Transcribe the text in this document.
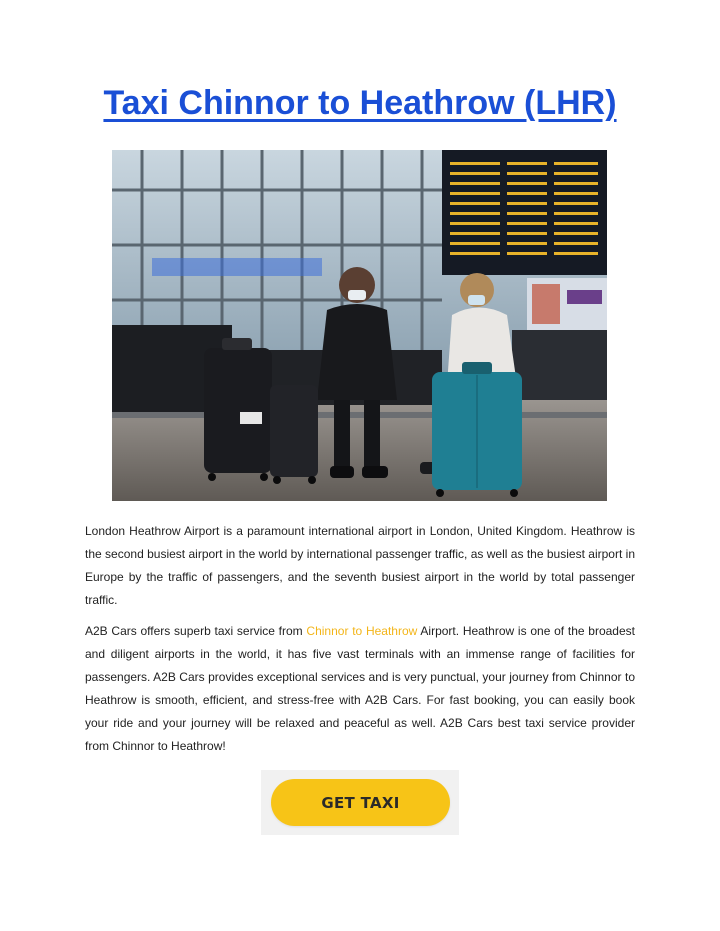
Taxi Chinnor to Heathrow (LHR)

London Heathrow Airport is a paramount international airport in London, United Kingdom. Heathrow is the second busiest airport in the world by international passenger traffic, as well as the busiest airport in Europe by the traffic of passengers, and the seventh busiest airport in the world by total passenger traffic.

A2B Cars offers superb taxi service from Chinnor to Heathrow Airport. Heathrow is one of the broadest and diligent airports in the world, it has five vast terminals with an immense range of facilities for passengers. A2B Cars provides exceptional services and is very punctual, your journey from Chinnor to Heathrow is smooth, efficient, and stress-free with A2B Cars. For fast booking, you can easily book your ride and your journey will be relaxed and peaceful as well. A2B Cars best taxi service provider from Chinnor to Heathrow!

GET TAXI
